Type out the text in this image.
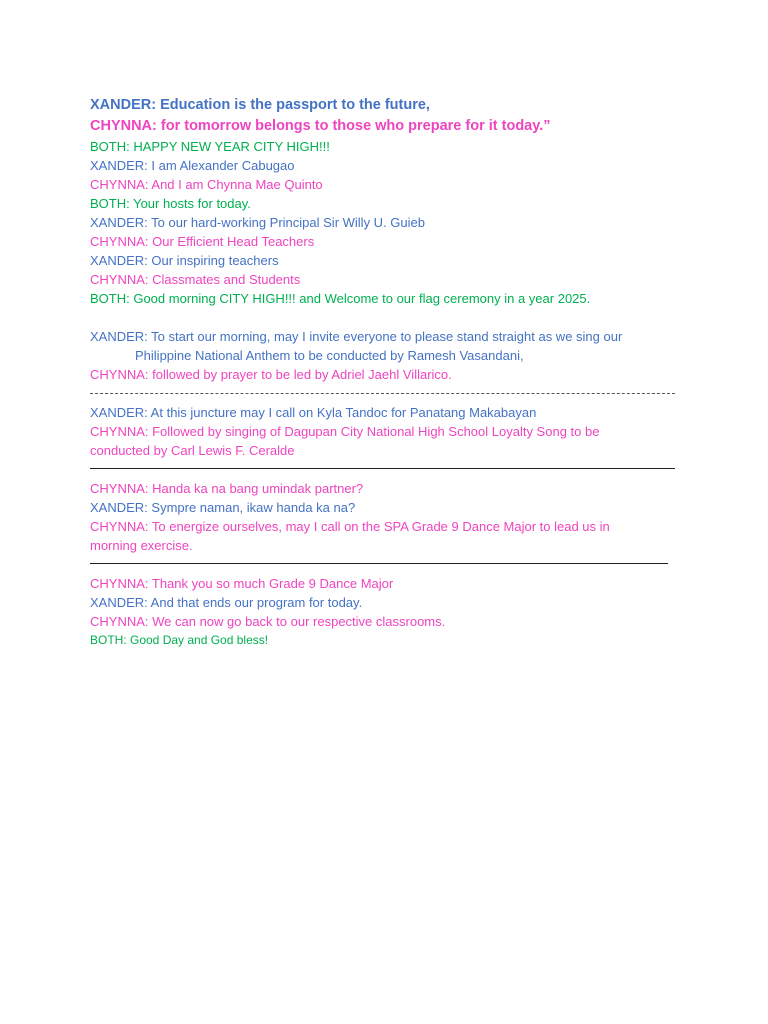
XANDER: Education is the passport to the future,
CHYNNA: for tomorrow belongs to those who prepare for it today.”
BOTH: HAPPY NEW YEAR CITY HIGH!!!
XANDER: I am Alexander Cabugao
CHYNNA: And I am Chynna Mae Quinto
BOTH: Your hosts for today.
XANDER: To our hard-working Principal Sir Willy U. Guieb
CHYNNA: Our Efficient Head Teachers
XANDER: Our inspiring teachers
CHYNNA: Classmates and Students
BOTH: Good morning CITY HIGH!!! and Welcome to our flag ceremony in a year 2025.
XANDER: To start our morning, may I invite everyone to please stand straight as we sing our
Philippine National Anthem to be conducted by Ramesh Vasandani,
CHYNNA: followed by prayer to be led by Adriel Jaehl Villarico.
XANDER: At this juncture may I call on Kyla Tandoc for Panatang Makabayan
CHYNNA: Followed by singing of Dagupan City National High School Loyalty Song to be conducted by Carl Lewis F. Ceralde
CHYNNA: Handa ka na bang umindak partner?
XANDER: Sympre naman, ikaw handa ka na?
CHYNNA: To energize ourselves, may I call on the SPA Grade 9 Dance Major to lead us in morning exercise.
CHYNNA: Thank you so much Grade 9 Dance Major
XANDER: And that ends our program for today.
CHYNNA: We can now go back to our respective classrooms.
BOTH: Good Day and God bless!
